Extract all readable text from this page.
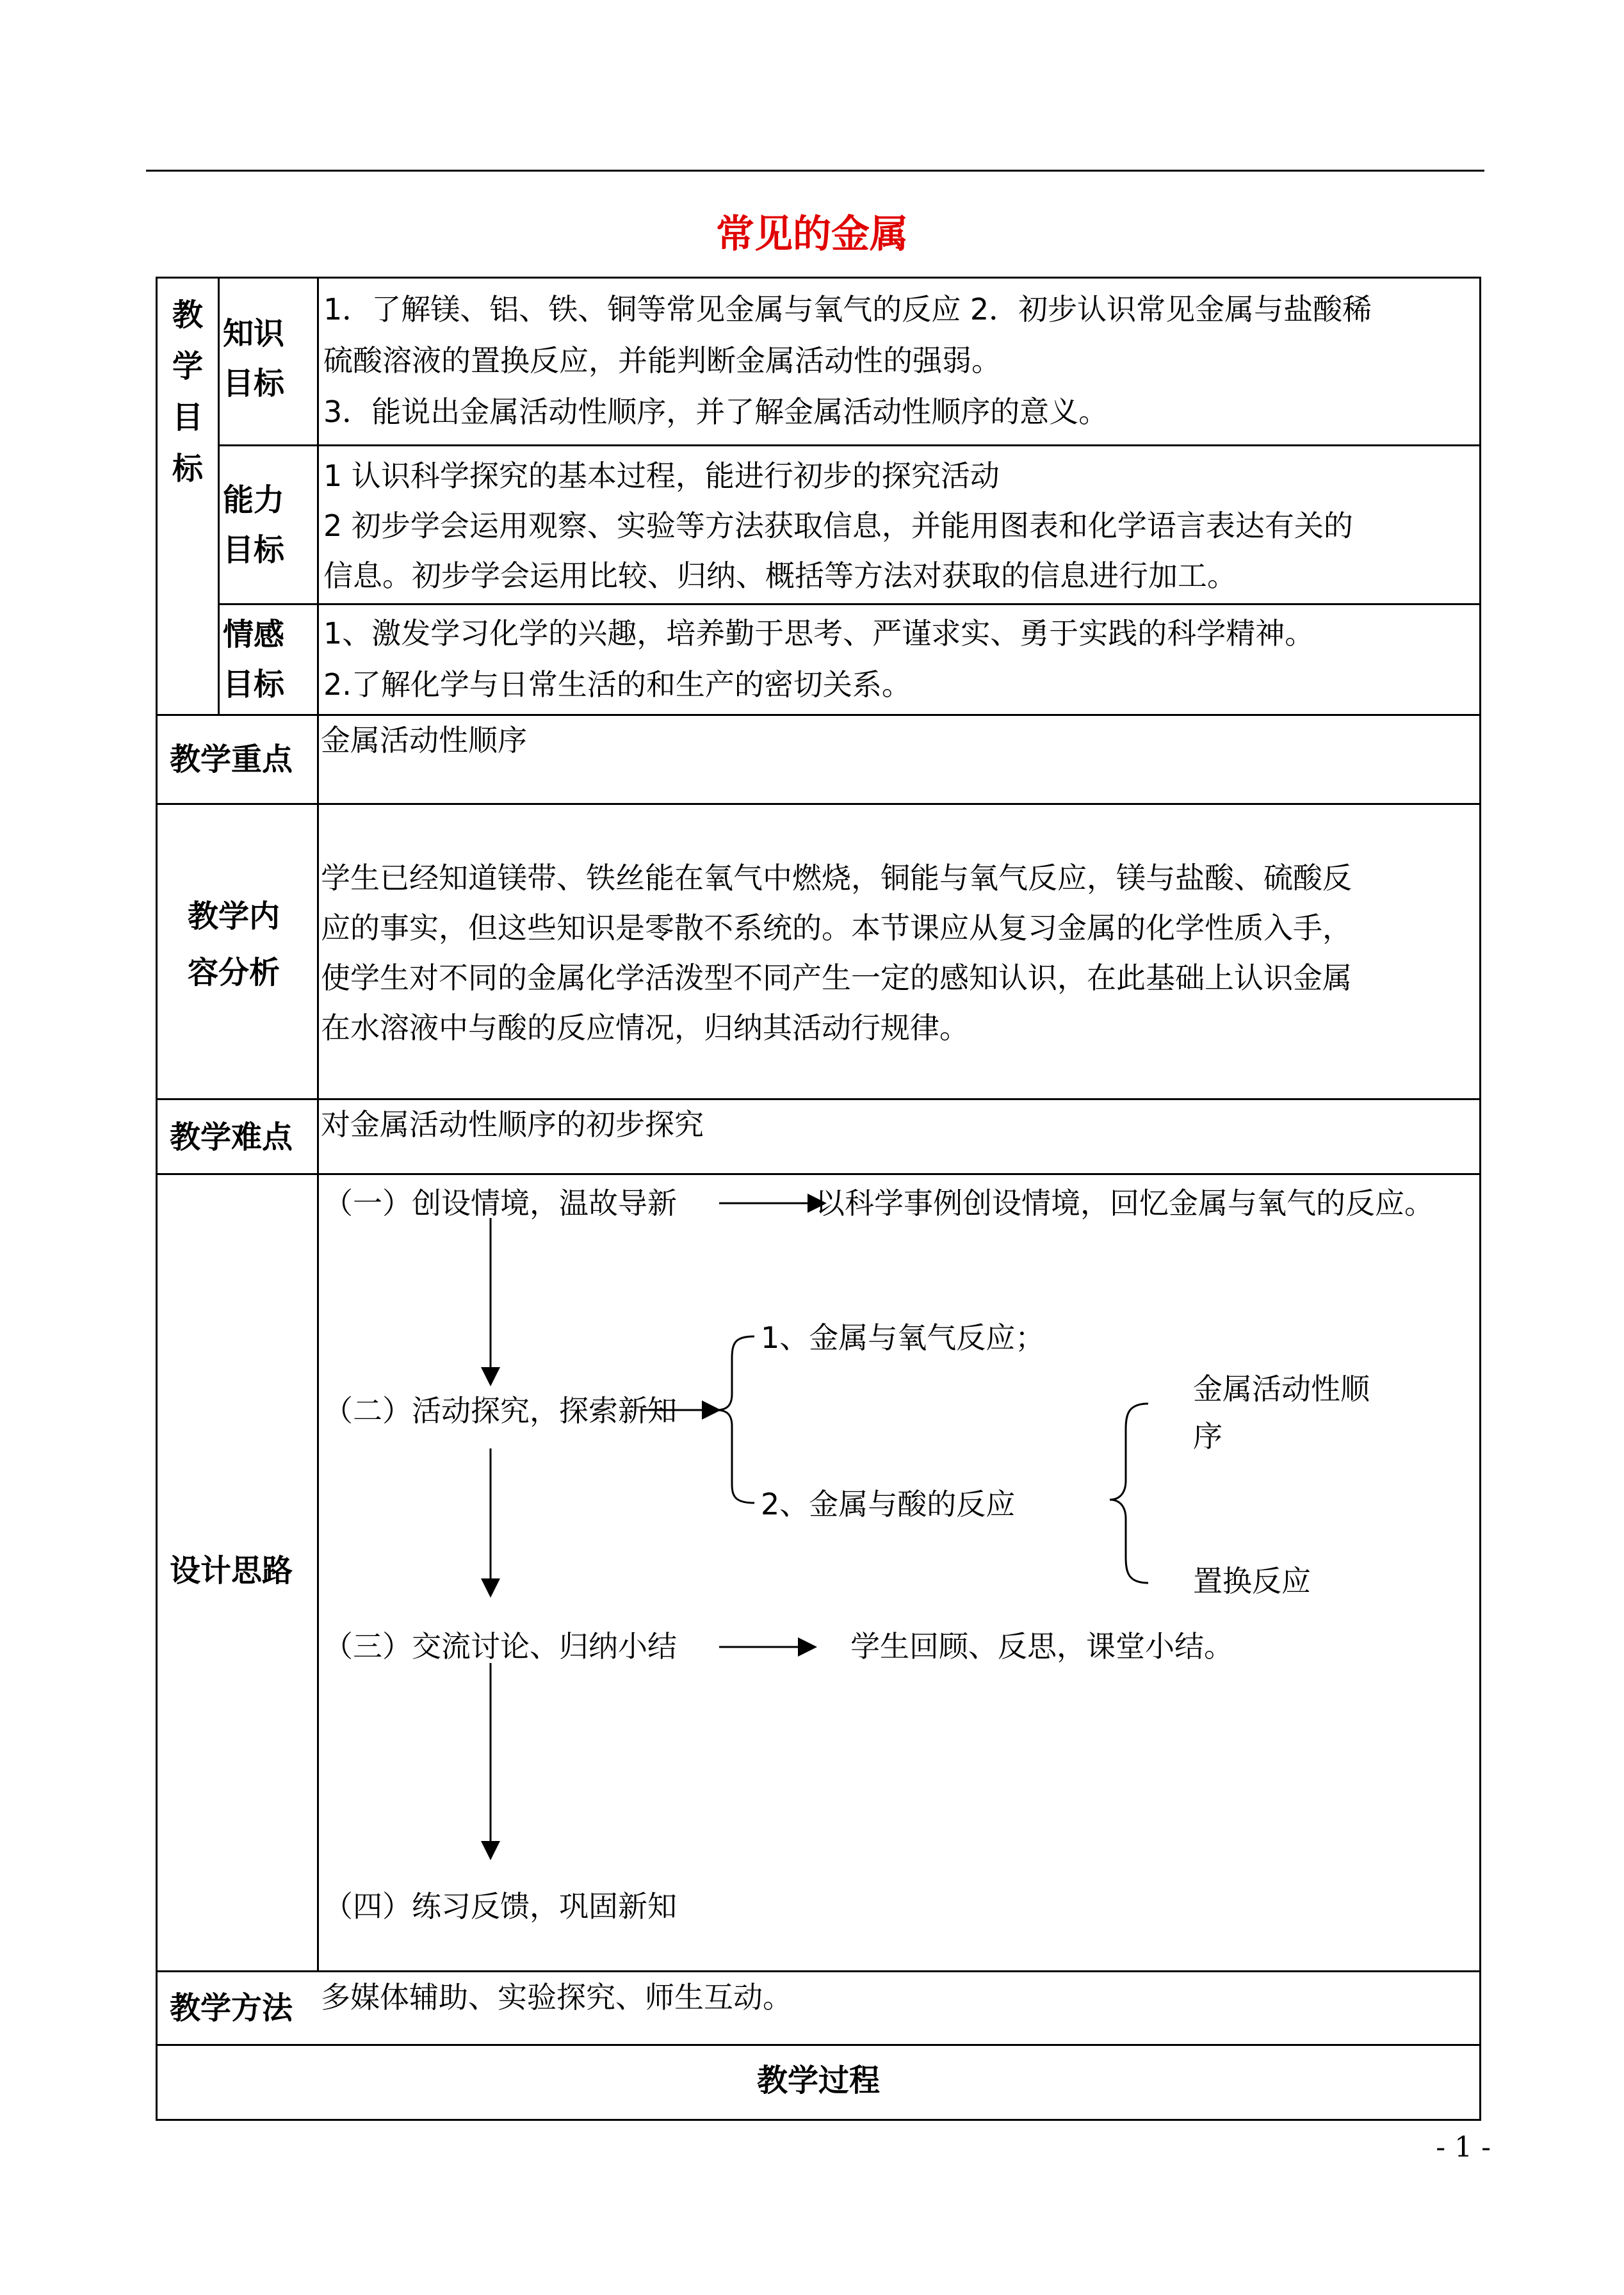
常见的金属
教
学
目
标
知识
目标
1．了解镁、铝、铁、铜等常见金属与氧气的反应 2．初步认识常见金属与盐酸稀
硫酸溶液的置换反应，并能判断金属活动性的强弱。
3．能说出金属活动性顺序，并了解金属活动性顺序的意义。
能力
目标
1 认识科学探究的基本过程，能进行初步的探究活动
2 初步学会运用观察、实验等方法获取信息，并能用图表和化学语言表达有关的
信息。初步学会运用比较、归纳、概括等方法对获取的信息进行加工。
情感
目标
1、激发学习化学的兴趣，培养勤于思考、严谨求实、勇于实践的科学精神。
2.了解化学与日常生活的和生产的密切关系。
教学重点
金属活动性顺序
教学内
容分析
学生已经知道镁带、铁丝能在氧气中燃烧，铜能与氧气反应，镁与盐酸、硫酸反
应的事实，但这些知识是零散不系统的。本节课应从复习金属的化学性质入手，
使学生对不同的金属化学活泼型不同产生一定的感知认识，在此基础上认识金属
在水溶液中与酸的反应情况，归纳其活动行规律。
教学难点 对金属活动性顺序的初步探究
设计思路
（一）创设情境，温故导新	以科学事例创设情境，回忆金属与氧气的反应。
（二）活动探究，探索新知
1、金属与氧气反应；
2、金属与酸的反应
金属活动性顺
序
置换反应
（三）交流讨论、归纳小结	学生回顾、反思，课堂小结。
（四）练习反馈，巩固新知
教学方法 多媒体辅助、实验探究、师生互动。
教学过程
- 1 -
